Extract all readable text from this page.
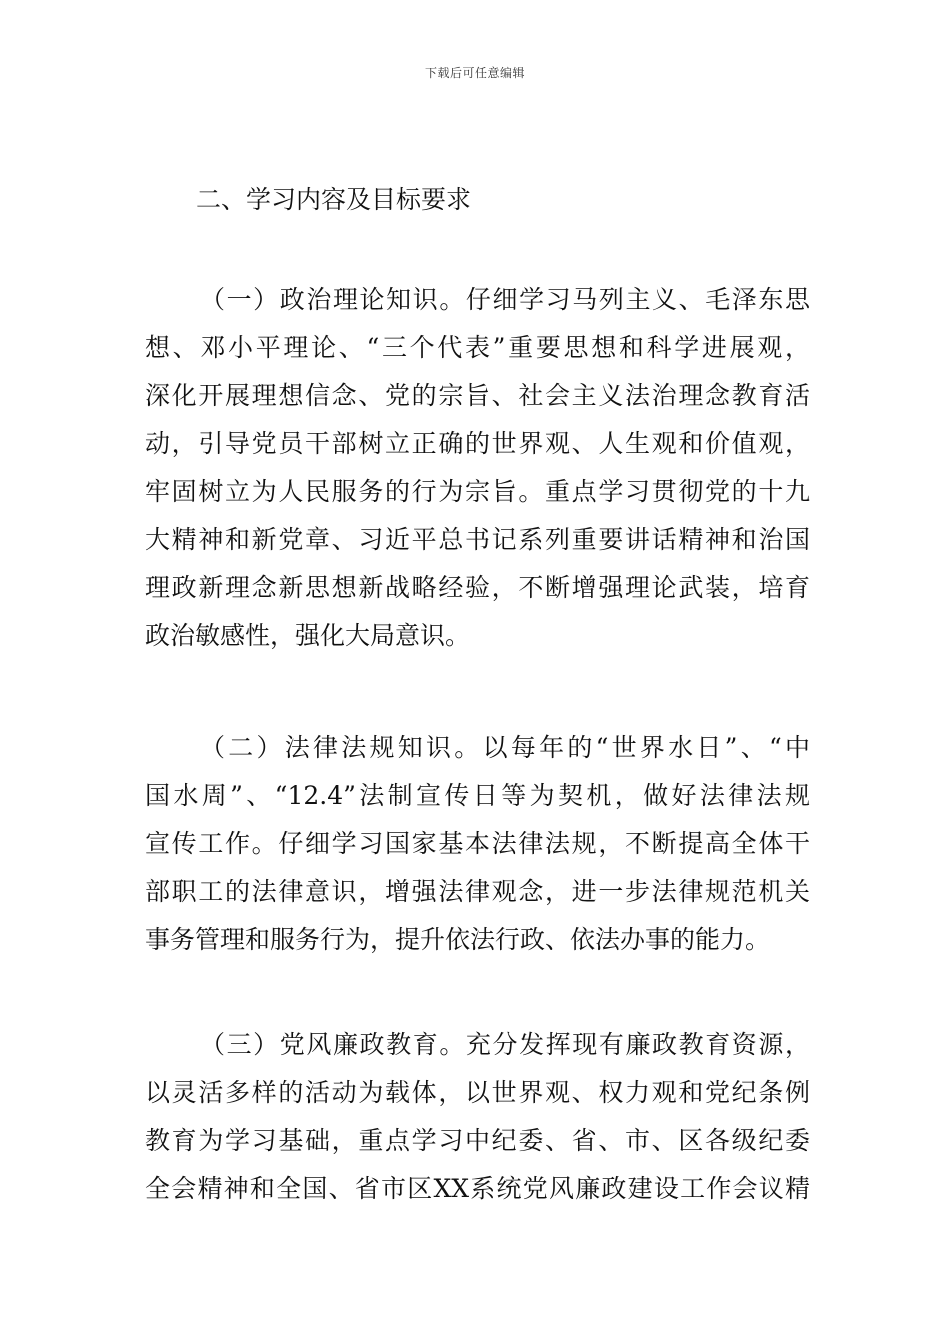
下载后可任意编辑
二、学习内容及目标要求
（一）政治理论知识。仔细学习马列主义、毛泽东思
想、邓小平理论、“三个代表”重要思想和科学进展观，
深化开展理想信念、党的宗旨、社会主义法治理念教育活
动，引导党员干部树立正确的世界观、人生观和价值观，
牢固树立为人民服务的行为宗旨。重点学习贯彻党的十九
大精神和新党章、习近平总书记系列重要讲话精神和治国
理政新理念新思想新战略经验，不断增强理论武装，培育
政治敏感性，强化大局意识。
（二）法律法规知识。以每年的“世界水日”、“中
国水周”、“12.4”法制宣传日等为契机，做好法律法规
宣传工作。仔细学习国家基本法律法规，不断提高全体干
部职工的法律意识，增强法律观念，进一步法律规范机关
事务管理和服务行为，提升依法行政、依法办事的能力。
（三）党风廉政教育。充分发挥现有廉政教育资源，
以灵活多样的活动为载体，以世界观、权力观和党纪条例
教育为学习基础，重点学习中纪委、省、市、区各级纪委
全会精神和全国、省市区XX系统党风廉政建设工作会议精
